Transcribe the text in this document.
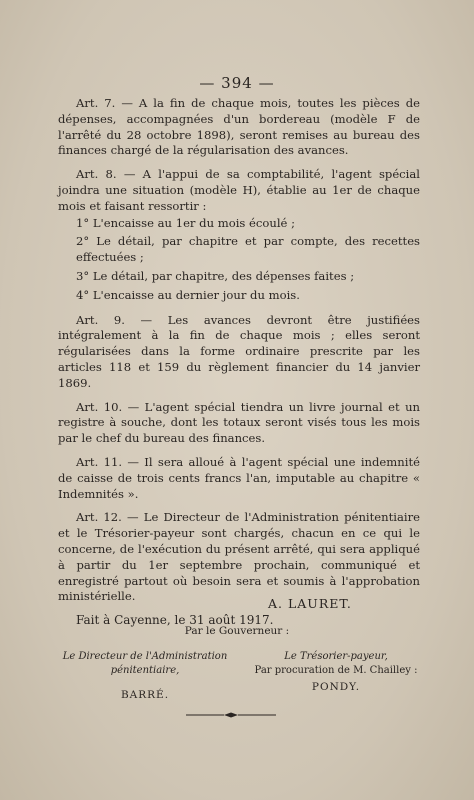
— 394 —

Art. 7. — A la fin de chaque mois, toutes les pièces de dépenses, accompagnées d'un bordereau (modèle F de l'arrêté du 28 octobre 1898), seront remises au bureau des finances chargé de la régularisation des avances.

Art. 8. — A l'appui de sa comptabilité, l'agent spécial joindra une situation (modèle H), établie au 1er de chaque mois et faisant ressortir :

1° L'encaisse au 1er du mois écoulé ;
2° Le détail, par chapitre et par compte, des recettes effectuées ;
3° Le détail, par chapitre, des dépenses faites ;
4° L'encaisse au dernier jour du mois.

Art. 9. — Les avances devront être justifiées intégralement à la fin de chaque mois ; elles seront régularisées dans la forme ordinaire prescrite par les articles 118 et 159 du règlement financier du 14 janvier 1869.

Art. 10. — L'agent spécial tiendra un livre journal et un registre à souche, dont les totaux seront visés tous les mois par le chef du bureau des finances.

Art. 11. — Il sera alloué à l'agent spécial une indemnité de caisse de trois cents francs l'an, imputable au chapitre « Indemnités ».

Art. 12. — Le Directeur de l'Administration pénitentiaire et le Trésorier-payeur sont chargés, chacun en ce qui le concerne, de l'exécution du présent arrêté, qui sera appliqué à partir du 1er septembre prochain, communiqué et enregistré partout où besoin sera et soumis à l'approbation ministérielle.

Fait à Cayenne, le 31 août 1917.

A. LAURET.
Par le Gouverneur :
Le Directeur de l'Administration pénitentiaire,
BARRÉ.
Le Trésorier-payeur,
Par procuration de M. Chailley :
PONDY.
